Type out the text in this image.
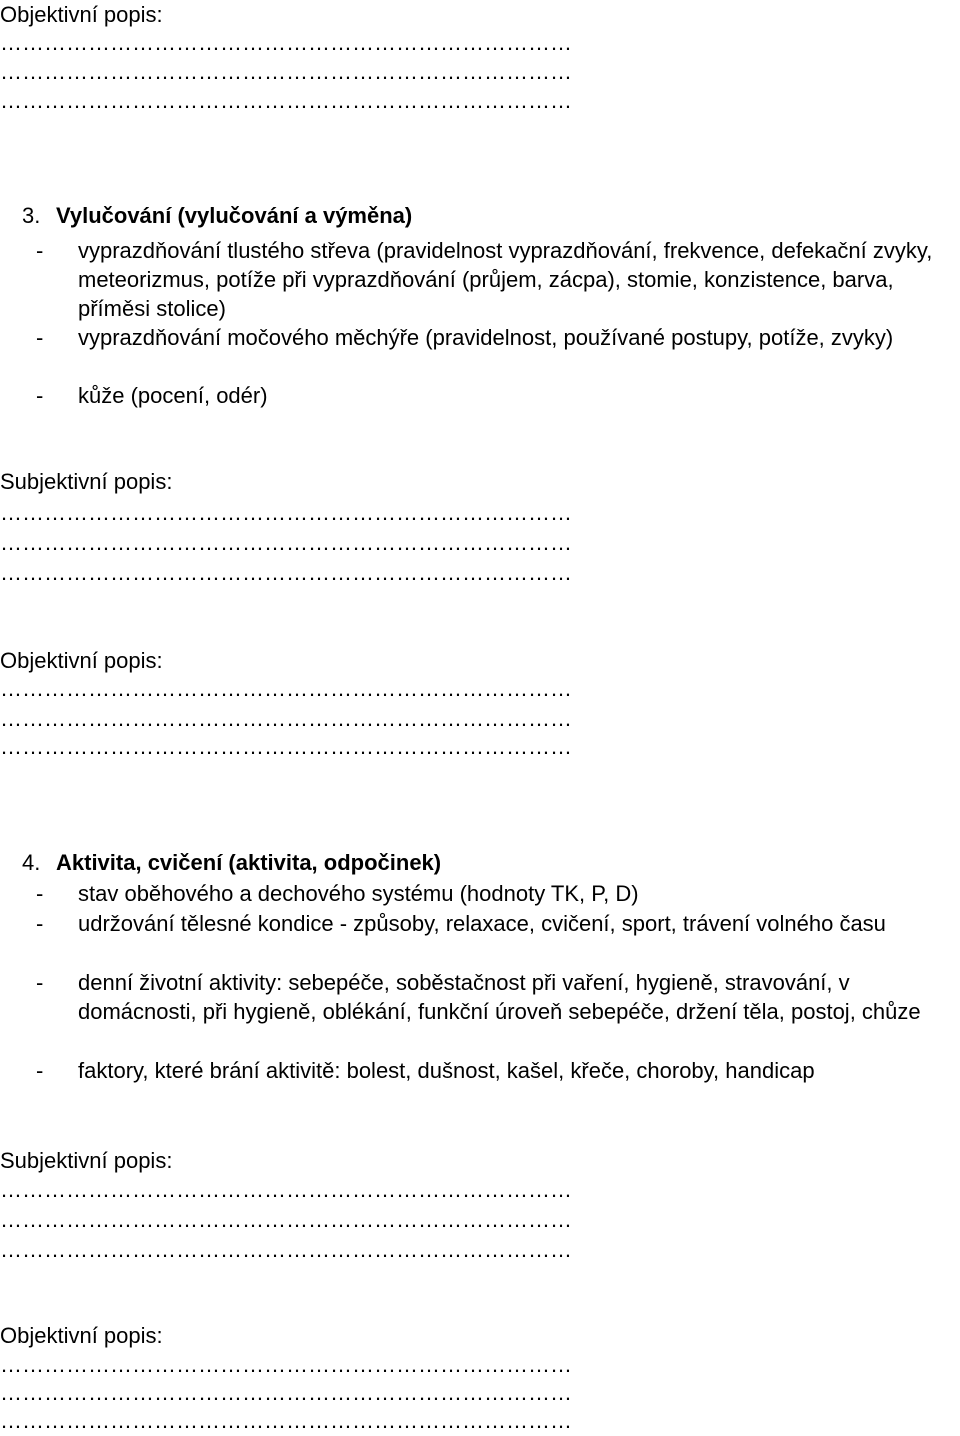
Objektivní popis:
……………………………………………………………………
……………………………………………………………………
……………………………………………………………………
3. Vylučování (vylučování a výměna)
- vyprazdňování tlustého střeva (pravidelnost vyprazdňování, frekvence, defekační zvyky, meteorizmus, potíže při vyprazdňování (průjem, zácpa), stomie, konzistence, barva, příměsi stolice)
- vyprazdňování močového měchýře (pravidelnost, používané postupy, potíže, zvyky)
- kůže (pocení, odér)
Subjektivní popis:
……………………………………………………………………
……………………………………………………………………
……………………………………………………………………
Objektivní popis:
……………………………………………………………………
……………………………………………………………………
……………………………………………………………………
4. Aktivita, cvičení (aktivita, odpočinek)
- stav oběhového a dechového systému (hodnoty TK, P, D)
- udržování tělesné kondice - způsoby, relaxace, cvičení, sport, trávení volného času
- denní životní aktivity: sebepéče, soběstačnost při vaření, hygieně, stravování, v domácnosti, při hygieně, oblékání, funkční úroveň sebepéče, držení těla, postoj, chůze
- faktory, které brání aktivitě: bolest, dušnost, kašel, křeče, choroby, handicap
Subjektivní popis:
……………………………………………………………………
……………………………………………………………………
……………………………………………………………………
Objektivní popis:
……………………………………………………………………
……………………………………………………………………
……………………………………………………………………
